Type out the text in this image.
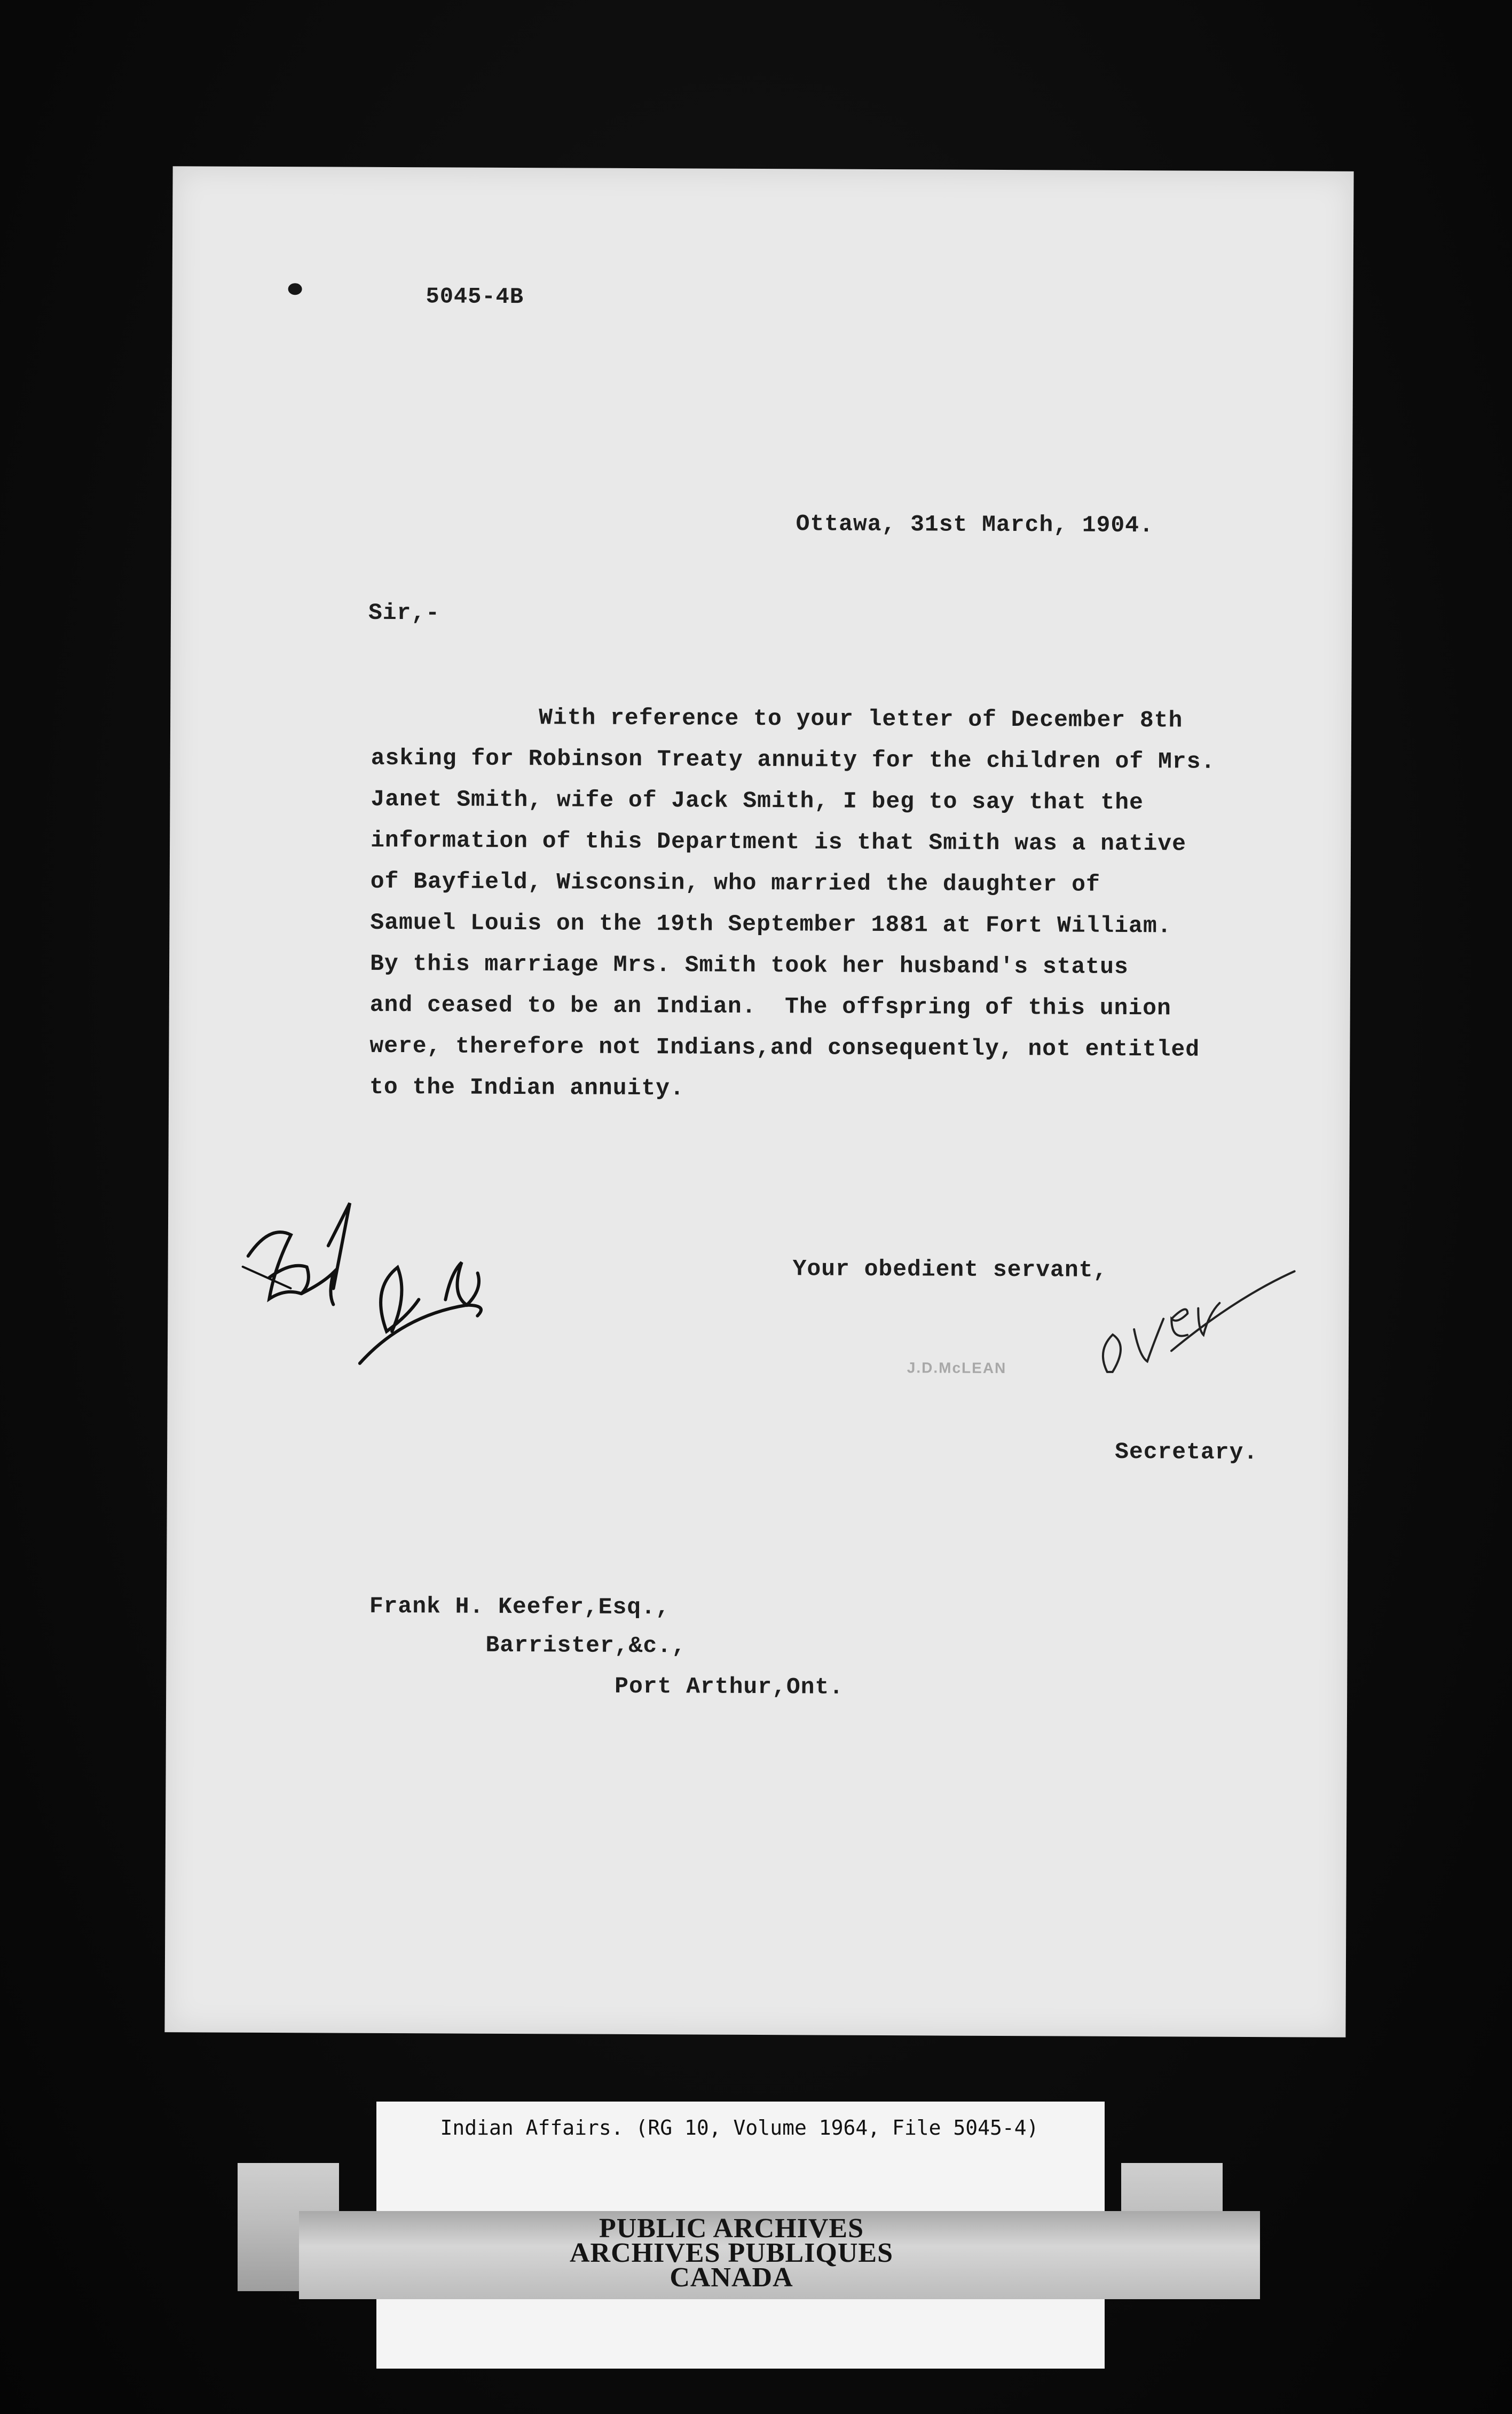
5045-4B
Ottawa, 31st March, 1904.
Sir,-
With reference to your letter of December 8th
asking for Robinson Treaty annuity for the children of Mrs.
Janet Smith, wife of Jack Smith, I beg to say that the
information of this Department is that Smith was a native
of Bayfield, Wisconsin, who married the daughter of
Samuel Louis on the 19th September 1881 at Fort William.
By this marriage Mrs. Smith took her husband's status
and ceased to be an Indian.  The offspring of this union
were, therefore not Indians,and consequently, not entitled
to the Indian annuity.
Your obedient servant,
J.D.McLEAN
Secretary.
Frank H. Keefer,Esq.,
Barrister,&c.,
Port Arthur,Ont.
Indian Affairs. (RG 10, Volume 1964, File 5045-4)
PUBLIC ARCHIVES
ARCHIVES PUBLIQUES
CANADA
